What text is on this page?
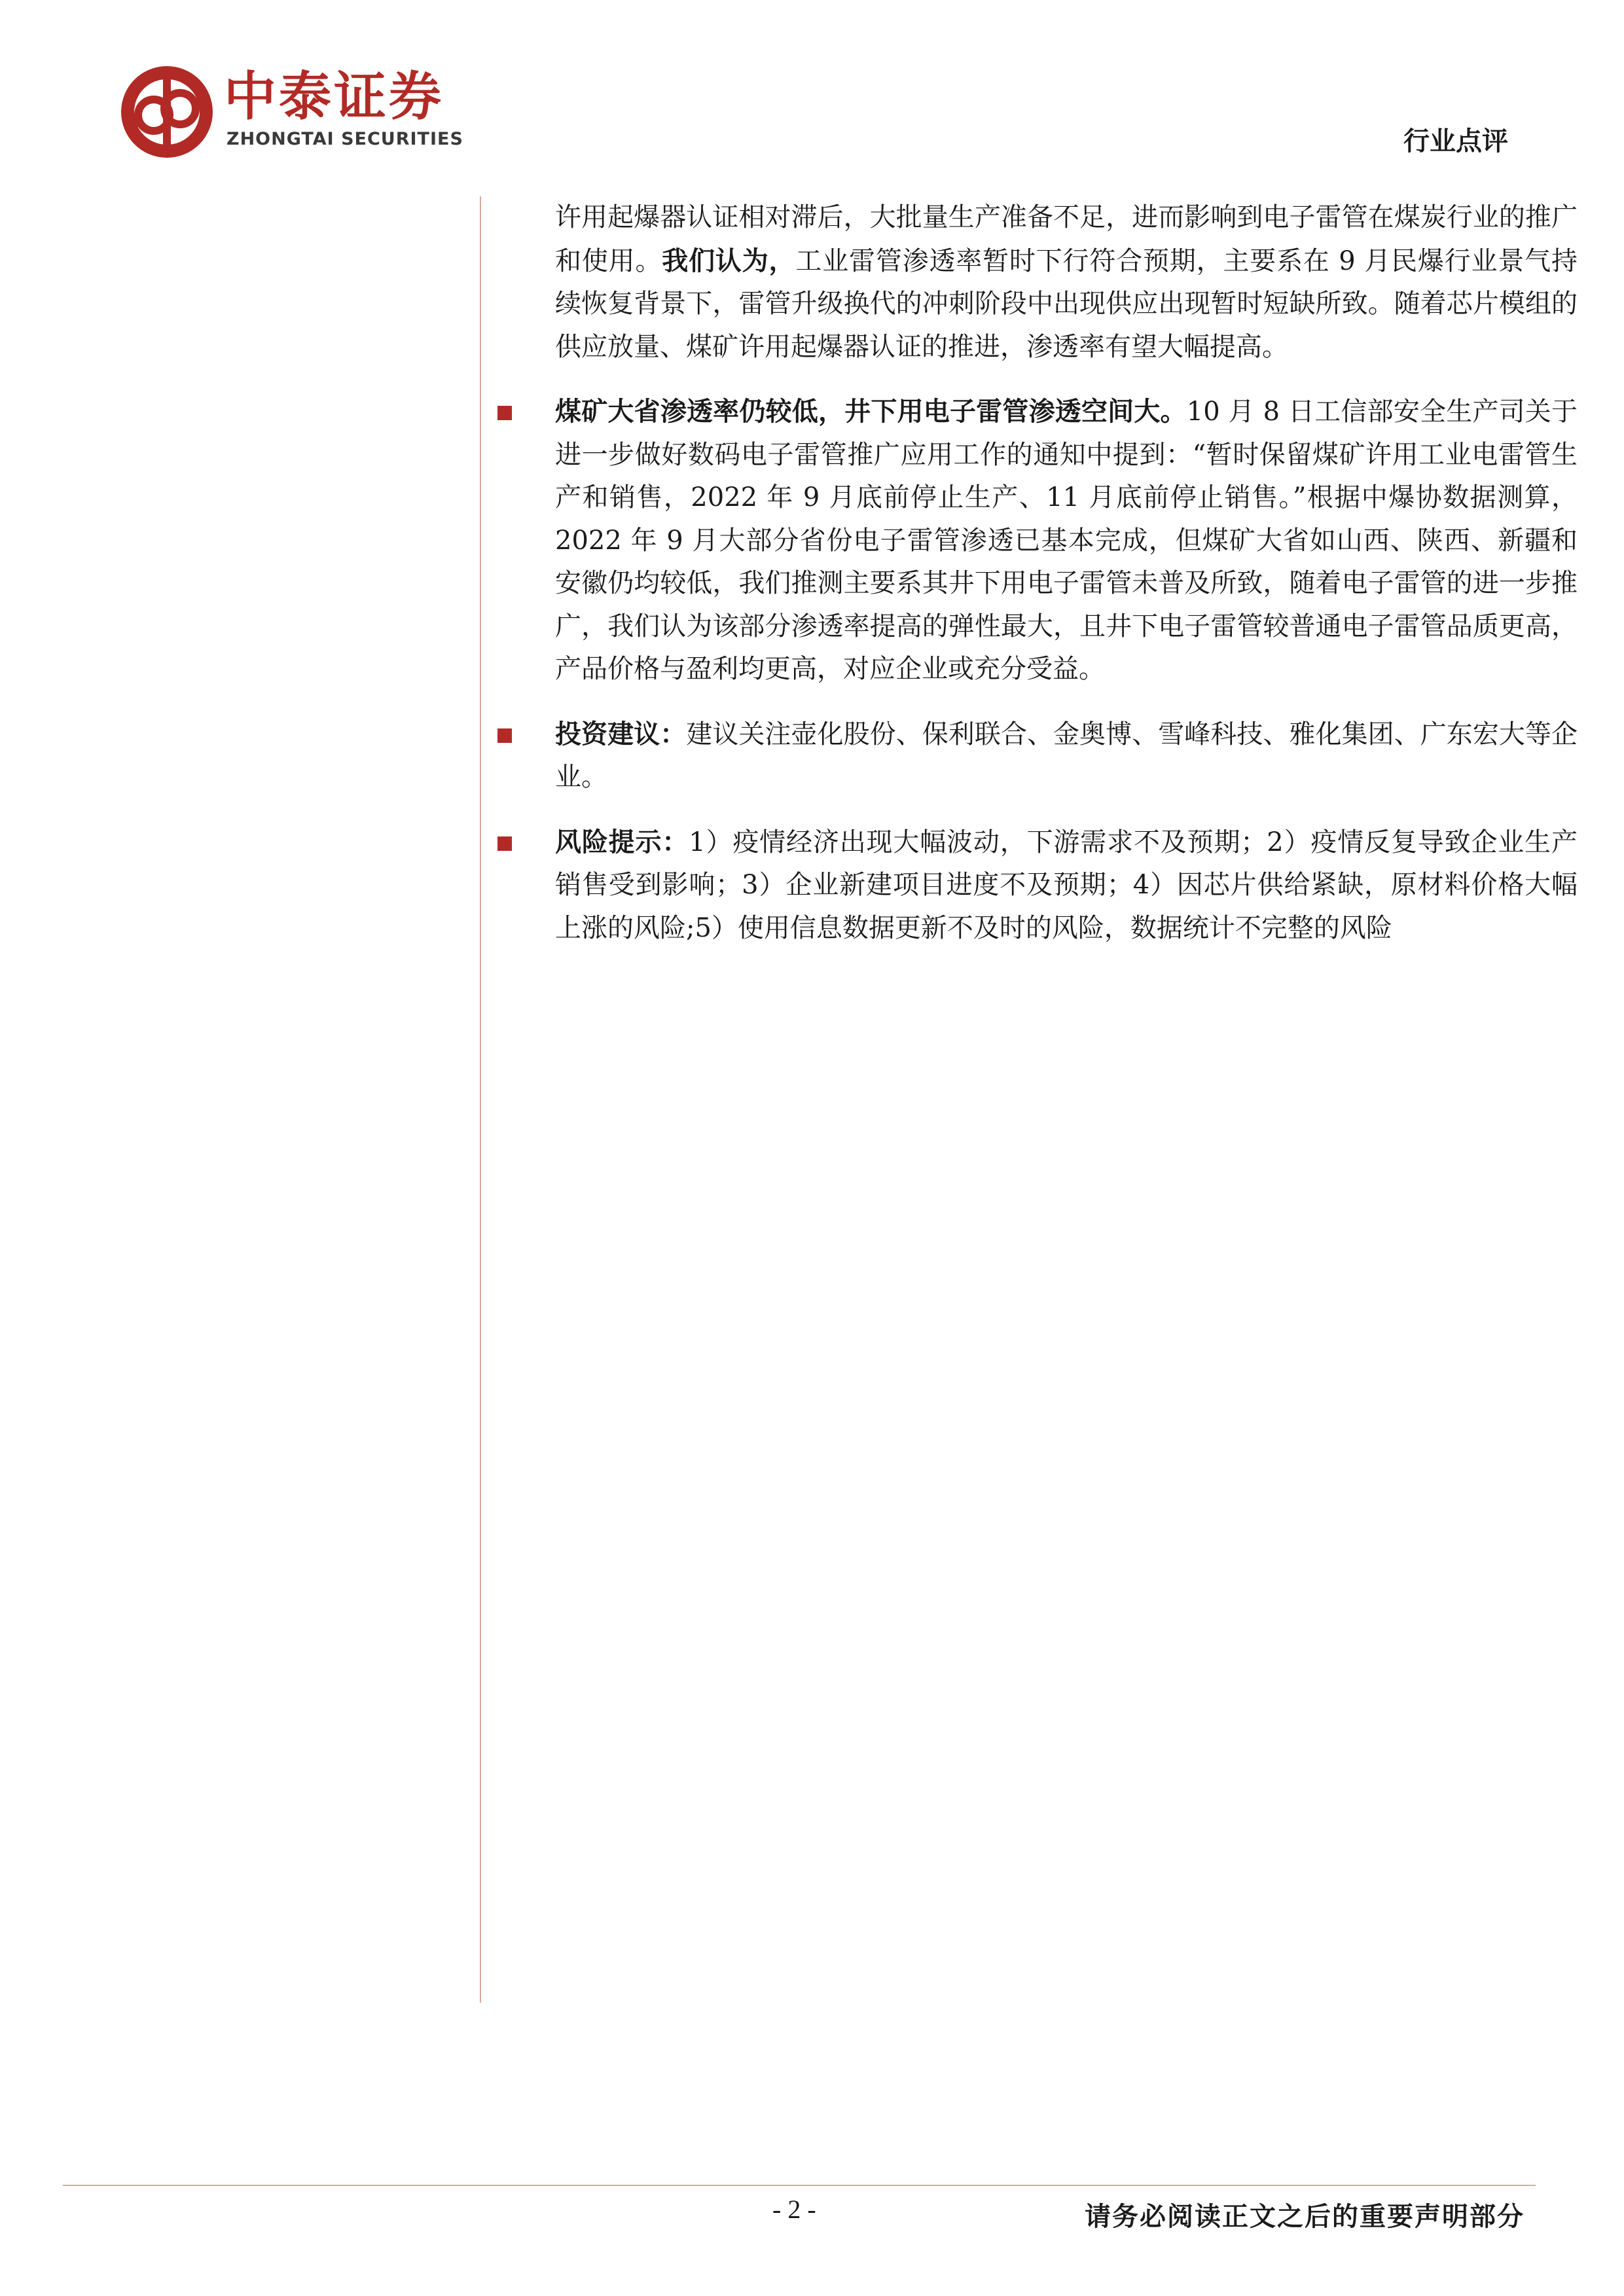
中泰证券
ZHONGTAI SECURITIES	行业点评
许用起爆器认证相对滞后，大批量生产准备不足，进而影响到电子雷管在煤炭行业的推广和使用。我们认为，工业雷管渗透率暂时下行符合预期，主要系在 9 月民爆行业景气持续恢复背景下，雷管升级换代的冲刺阶段中出现供应出现暂时短缺所致。随着芯片模组的供应放量、煤矿许用起爆器认证的推进，渗透率有望大幅提高。
煤矿大省渗透率仍较低，井下用电子雷管渗透空间大。10 月 8 日工信部安全生产司关于进一步做好数码电子雷管推广应用工作的通知中提到：“暂时保留煤矿许用工业电雷管生产和销售，2022 年 9 月底前停止生产、11 月底前停止销售。”根据中爆协数据测算，2022 年 9 月大部分省份电子雷管渗透已基本完成，但煤矿大省如山西、陕西、新疆和安徽仍均较低，我们推测主要系其井下用电子雷管未普及所致，随着电子雷管的进一步推广，我们认为该部分渗透率提高的弹性最大，且井下电子雷管较普通电子雷管品质更高，产品价格与盈利均更高，对应企业或充分受益。
投资建议：建议关注壶化股份、保利联合、金奥博、雪峰科技、雅化集团、广东宏大等企业。
风险提示：1）疫情经济出现大幅波动，下游需求不及预期；2）疫情反复导致企业生产销售受到影响；3）企业新建项目进度不及预期；4）因芯片供给紧缺，原材料价格大幅上涨的风险;5）使用信息数据更新不及时的风险，数据统计不完整的风险
- 2 -	请务必阅读正文之后的重要声明部分
